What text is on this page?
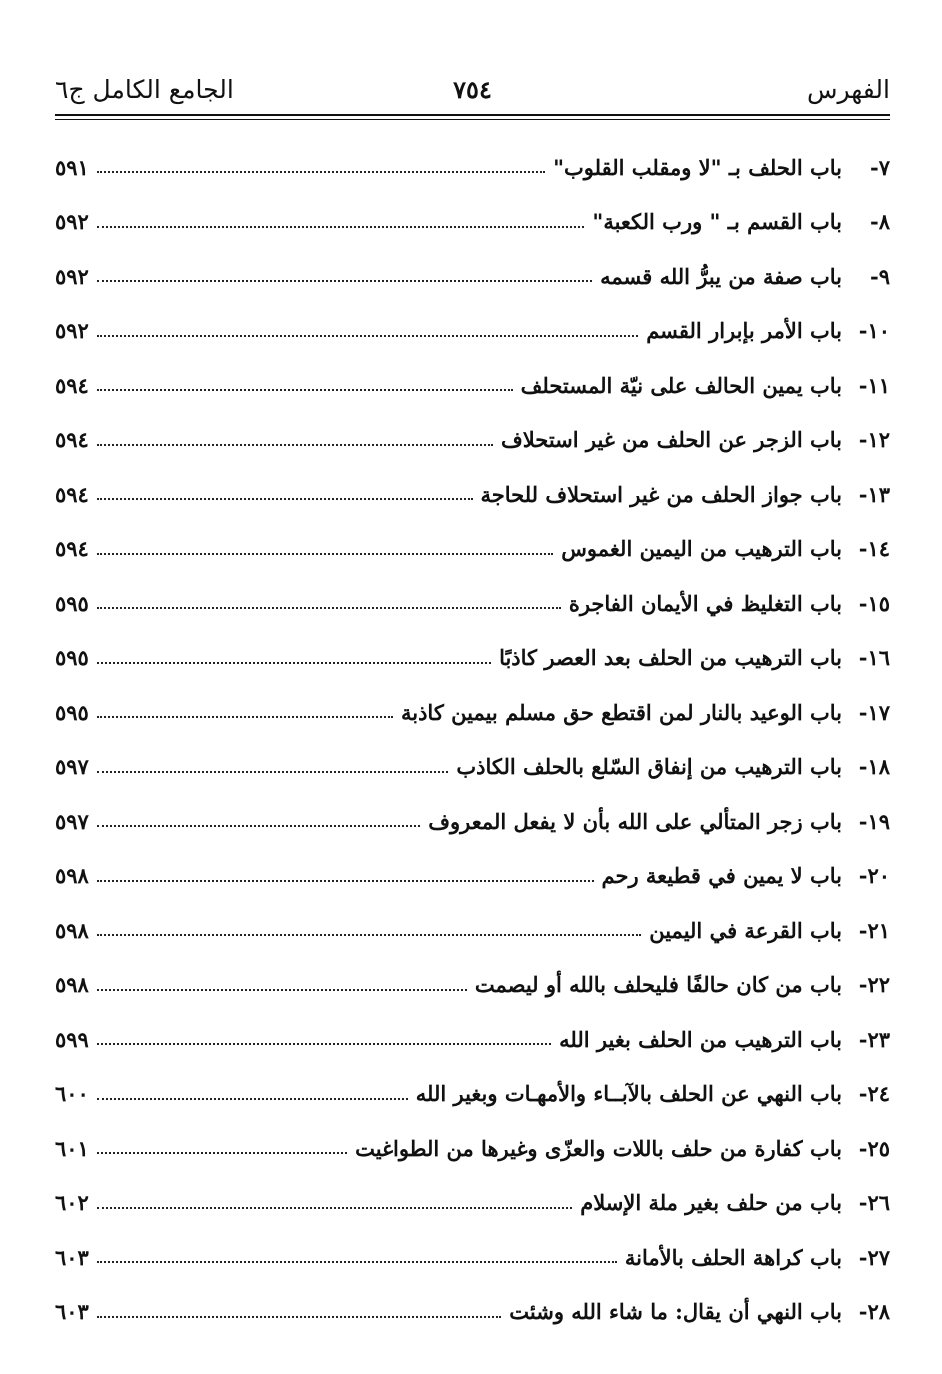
الفهرس
٧٥٤
الجامع الكامل ج٦
٥٩١	باب الحلف بـ "لا ومقلب القلوب"	٧-
٥٩٢	باب القسم بـ " ورب الكعبة"	٨-
٥٩٢	باب صفة من يبرُّ الله قسمه	٩-
٥٩٢	باب الأمر بإبرار القسم ١٠-
٥٩٤	باب يمين الحالف على نيّة المستحلف ١١-
٥٩٤	باب الزجر عن الحلف من غير استحلاف ١٢-
٥٩٤	باب جواز الحلف من غير استحلاف للحاجة ١٣-
٥٩٤	باب الترهيب من اليمين الغموس ١٤-
٥٩٥	باب التغليظ في الأيمان الفاجرة ١٥-
٥٩٥	باب الترهيب من الحلف بعد العصر كاذبًا ١٦-
٥٩٥	باب الوعيد بالنار لمن اقتطع حق مسلم بيمين كاذبة ١٧-
٥٩٧	باب الترهيب من إنفاق السّلع بالحلف الكاذب ١٨-
٥٩٧	باب زجر المتألي على الله بأن لا يفعل المعروف ١٩-
٥٩٨	باب لا يمين في قطيعة رحم ٢٠-
٥٩٨	باب القرعة في اليمين ٢١-
٥٩٨	باب من كان حالفًا فليحلف بالله أو ليصمت ٢٢-
٥٩٩	باب الترهيب من الحلف بغير الله ٢٣-
٦٠٠	باب النهي عن الحلف بالآبــاء والأمهـات وبغير الله ٢٤-
٦٠١	باب كفارة من حلف باللات والعزّى وغيرها من الطواغيت ٢٥-
٦٠٢	باب من حلف بغير ملة الإسلام ٢٦-
٦٠٣	باب كراهة الحلف بالأمانة ٢٧-
٦٠٣	باب النهي أن يقال: ما شاء الله وشئت ٢٨-
